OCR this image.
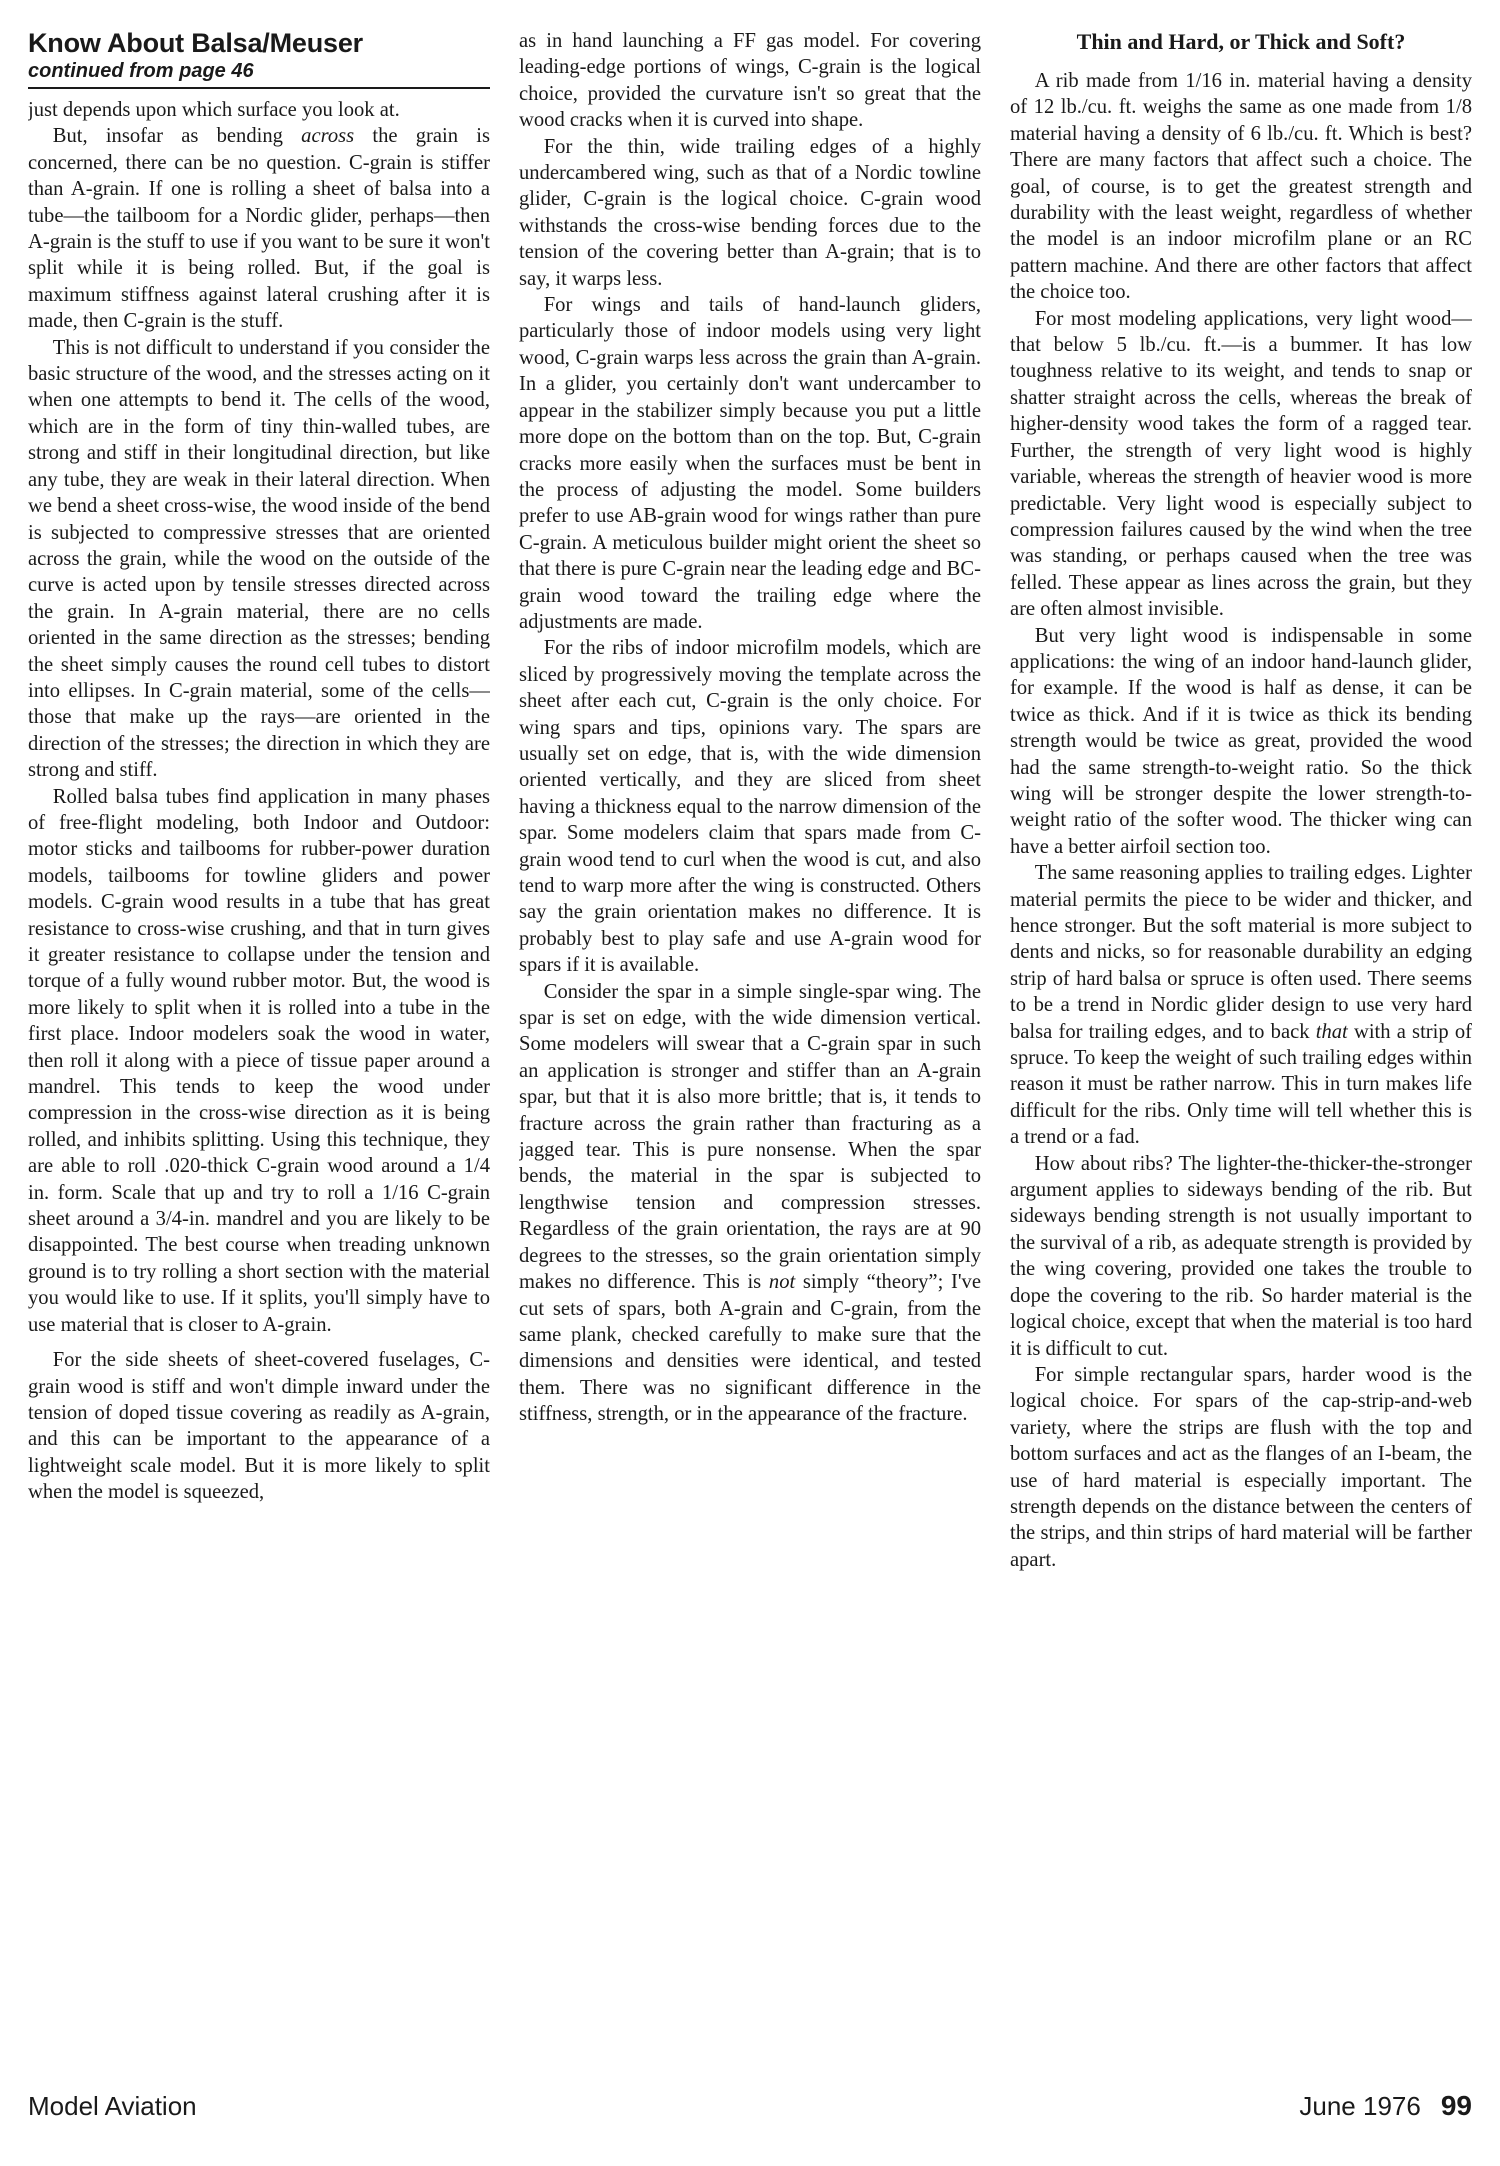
Know About Balsa/Meuser
continued from page 46

just depends upon which surface you look at.

But, insofar as bending across the grain is concerned, there can be no question. C-grain is stiffer than A-grain. If one is rolling a sheet of balsa into a tube—the tailboom for a Nordic glider, perhaps—then A-grain is the stuff to use if you want to be sure it won't split while it is being rolled. But, if the goal is maximum stiffness against lateral crushing after it is made, then C-grain is the stuff.

This is not difficult to understand if you consider the basic structure of the wood, and the stresses acting on it when one attempts to bend it. The cells of the wood, which are in the form of tiny thin-walled tubes, are strong and stiff in their longitudinal direction, but like any tube, they are weak in their lateral direction. When we bend a sheet cross-wise, the wood inside of the bend is subjected to compressive stresses that are oriented across the grain, while the wood on the outside of the curve is acted upon by tensile stresses directed across the grain. In A-grain material, there are no cells oriented in the same direction as the stresses; bending the sheet simply causes the round cell tubes to distort into ellipses. In C-grain material, some of the cells—those that make up the rays—are oriented in the direction of the stresses; the direction in which they are strong and stiff.

Rolled balsa tubes find application in many phases of free-flight modeling, both Indoor and Outdoor: motor sticks and tailbooms for rubber-power duration models, tailbooms for towline gliders and power models. C-grain wood results in a tube that has great resistance to cross-wise crushing, and that in turn gives it greater resistance to collapse under the tension and torque of a fully wound rubber motor. But, the wood is more likely to split when it is rolled into a tube in the first place. Indoor modelers soak the wood in water, then roll it along with a piece of tissue paper around a mandrel. This tends to keep the wood under compression in the cross-wise direction as it is being rolled, and inhibits splitting. Using this technique, they are able to roll .020-thick C-grain wood around a 1/4 in. form. Scale that up and try to roll a 1/16 C-grain sheet around a 3/4-in. mandrel and you are likely to be disappointed. The best course when treading unknown ground is to try rolling a short section with the material you would like to use. If it splits, you'll simply have to use material that is closer to A-grain.

For the side sheets of sheet-covered fuselages, C-grain wood is stiff and won't dimple inward under the tension of doped tissue covering as readily as A-grain, and this can be important to the appearance of a lightweight scale model. But it is more likely to split when the model is squeezed,

as in hand launching a FF gas model. For covering leading-edge portions of wings, C-grain is the logical choice, provided the curvature isn't so great that the wood cracks when it is curved into shape.

For the thin, wide trailing edges of a highly undercambered wing, such as that of a Nordic towline glider, C-grain is the logical choice. C-grain wood withstands the cross-wise bending forces due to the tension of the covering better than A-grain; that is to say, it warps less.

For wings and tails of hand-launch gliders, particularly those of indoor models using very light wood, C-grain warps less across the grain than A-grain. In a glider, you certainly don't want undercamber to appear in the stabilizer simply because you put a little more dope on the bottom than on the top. But, C-grain cracks more easily when the surfaces must be bent in the process of adjusting the model. Some builders prefer to use AB-grain wood for wings rather than pure C-grain. A meticulous builder might orient the sheet so that there is pure C-grain near the leading edge and BC-grain wood toward the trailing edge where the adjustments are made.

For the ribs of indoor microfilm models, which are sliced by progressively moving the template across the sheet after each cut, C-grain is the only choice. For wing spars and tips, opinions vary. The spars are usually set on edge, that is, with the wide dimension oriented vertically, and they are sliced from sheet having a thickness equal to the narrow dimension of the spar. Some modelers claim that spars made from C-grain wood tend to curl when the wood is cut, and also tend to warp more after the wing is constructed. Others say the grain orientation makes no difference. It is probably best to play safe and use A-grain wood for spars if it is available.

Consider the spar in a simple single-spar wing. The spar is set on edge, with the wide dimension vertical. Some modelers will swear that a C-grain spar in such an application is stronger and stiffer than an A-grain spar, but that it is also more brittle; that is, it tends to fracture across the grain rather than fracturing as a jagged tear. This is pure nonsense. When the spar bends, the material in the spar is subjected to lengthwise tension and compression stresses. Regardless of the grain orientation, the rays are at 90 degrees to the stresses, so the grain orientation simply makes no difference. This is not simply “theory”; I've cut sets of spars, both A-grain and C-grain, from the same plank, checked carefully to make sure that the dimensions and densities were identical, and tested them. There was no significant difference in the stiffness, strength, or in the appearance of the fracture.

Thin and Hard, or Thick and Soft?

A rib made from 1/16 in. material having a density of 12 lb./cu. ft. weighs the same as one made from 1/8 material having a density of 6 lb./cu. ft. Which is best? There are many factors that affect such a choice. The goal, of course, is to get the greatest strength and durability with the least weight, regardless of whether the model is an indoor microfilm plane or an RC pattern machine. And there are other factors that affect the choice too.

For most modeling applications, very light wood—that below 5 lb./cu. ft.—is a bummer. It has low toughness relative to its weight, and tends to snap or shatter straight across the cells, whereas the break of higher-density wood takes the form of a ragged tear. Further, the strength of very light wood is highly variable, whereas the strength of heavier wood is more predictable. Very light wood is especially subject to compression failures caused by the wind when the tree was standing, or perhaps caused when the tree was felled. These appear as lines across the grain, but they are often almost invisible.

But very light wood is indispensable in some applications: the wing of an indoor hand-launch glider, for example. If the wood is half as dense, it can be twice as thick. And if it is twice as thick its bending strength would be twice as great, provided the wood had the same strength-to-weight ratio. So the thick wing will be stronger despite the lower strength-to-weight ratio of the softer wood. The thicker wing can have a better airfoil section too.

The same reasoning applies to trailing edges. Lighter material permits the piece to be wider and thicker, and hence stronger. But the soft material is more subject to dents and nicks, so for reasonable durability an edging strip of hard balsa or spruce is often used. There seems to be a trend in Nordic glider design to use very hard balsa for trailing edges, and to back that with a strip of spruce. To keep the weight of such trailing edges within reason it must be rather narrow. This in turn makes life difficult for the ribs. Only time will tell whether this is a trend or a fad.

How about ribs? The lighter-the-thicker-the-stronger argument applies to sideways bending of the rib. But sideways bending strength is not usually important to the survival of a rib, as adequate strength is provided by the wing covering, provided one takes the trouble to dope the covering to the rib. So harder material is the logical choice, except that when the material is too hard it is difficult to cut.

For simple rectangular spars, harder wood is the logical choice. For spars of the cap-strip-and-web variety, where the strips are flush with the top and bottom surfaces and act as the flanges of an I-beam, the use of hard material is especially important. The strength depends on the distance between the centers of the strips, and thin strips of hard material will be farther apart.

Model Aviation	June 1976 99
